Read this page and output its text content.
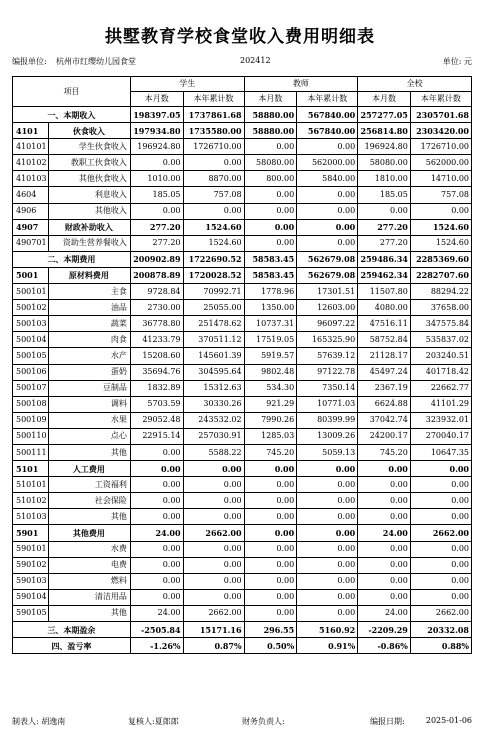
拱墅教育学校食堂收入费用明细表
编报单位: 杭州市红缨幼儿园食堂	202412	单位: 元
项目		学生		教师		全校	
		本月数	本年累计数	本月数	本年累计数	本月数	本年累计数
一、本期收入		198397.05	1737861.68	58880.00	567840.00	257277.05	2305701.68
4101	伙食收入	197934.80	1735580.00	58880.00	567840.00	256814.80	2303420.00
410101	学生伙食收入	196924.80	1726710.00	0.00	0.00	196924.80	1726710.00
410102	教职工伙食收入	0.00	0.00	58080.00	562000.00	58080.00	562000.00
410103	其他伙食收入	1010.00	8870.00	800.00	5840.00	1810.00	14710.00
4604	利息收入	185.05	757.08	0.00	0.00	185.05	757.08
4906	其他收入	0.00	0.00	0.00	0.00	0.00	0.00
4907	财政补助收入	277.20	1524.60	0.00	0.00	277.20	1524.60
490701	资助生营养餐收入	277.20	1524.60	0.00	0.00	277.20	1524.60
二、本期费用		200902.89	1722690.52	58583.45	562679.08	259486.34	2285369.60
5001	原材料费用	200878.89	1720028.52	58583.45	562679.08	259462.34	2282707.60
500101	主食	9728.84	70992.71	1778.96	17301.51	11507.80	88294.22
500102	油品	2730.00	25055.00	1350.00	12603.00	4080.00	37658.00
500103	蔬菜	36778.80	251478.62	10737.31	96097.22	47516.11	347575.84
500104	肉食	41233.79	370511.12	17519.05	165325.90	58752.84	535837.02
500105	水产	15208.60	145601.39	5919.57	57639.12	21128.17	203240.51
500106	蛋奶	35694.76	304595.64	9802.48	97122.78	45497.24	401718.42
500107	豆制品	1832.89	15312.63	534.30	7350.14	2367.19	22662.77
500108	调料	5703.59	30330.26	921.29	10771.03	6624.88	41101.29
500109	水果	29052.48	243532.02	7990.26	80399.99	37042.74	323932.01
500110	点心	22915.14	257030.91	1285.03	13009.26	24200.17	270040.17
500111	其他	0.00	5588.22	745.20	5059.13	745.20	10647.35
5101	人工费用	0.00	0.00	0.00	0.00	0.00	0.00
510101	工资福利	0.00	0.00	0.00	0.00	0.00	0.00
510102	社会保险	0.00	0.00	0.00	0.00	0.00	0.00
510103	其他	0.00	0.00	0.00	0.00	0.00	0.00
5901	其他费用	24.00	2662.00	0.00	0.00	24.00	2662.00
590101	水费	0.00	0.00	0.00	0.00	0.00	0.00
590102	电费	0.00	0.00	0.00	0.00	0.00	0.00
590103	燃料	0.00	0.00	0.00	0.00	0.00	0.00
590104	清洁用品	0.00	0.00	0.00	0.00	0.00	0.00
590105	其他	24.00	2662.00	0.00	0.00	24.00	2662.00
三、本期盈余		-2505.84	15171.16	296.55	5160.92	-2209.29	20332.08
四、盈亏率		-1.26%	0.87%	0.50%	0.91%	-0.86%	0.88%
制表人: 胡逸南	复核人:夏郎郎	财务负责人:	编报日期:	2025-01-06
